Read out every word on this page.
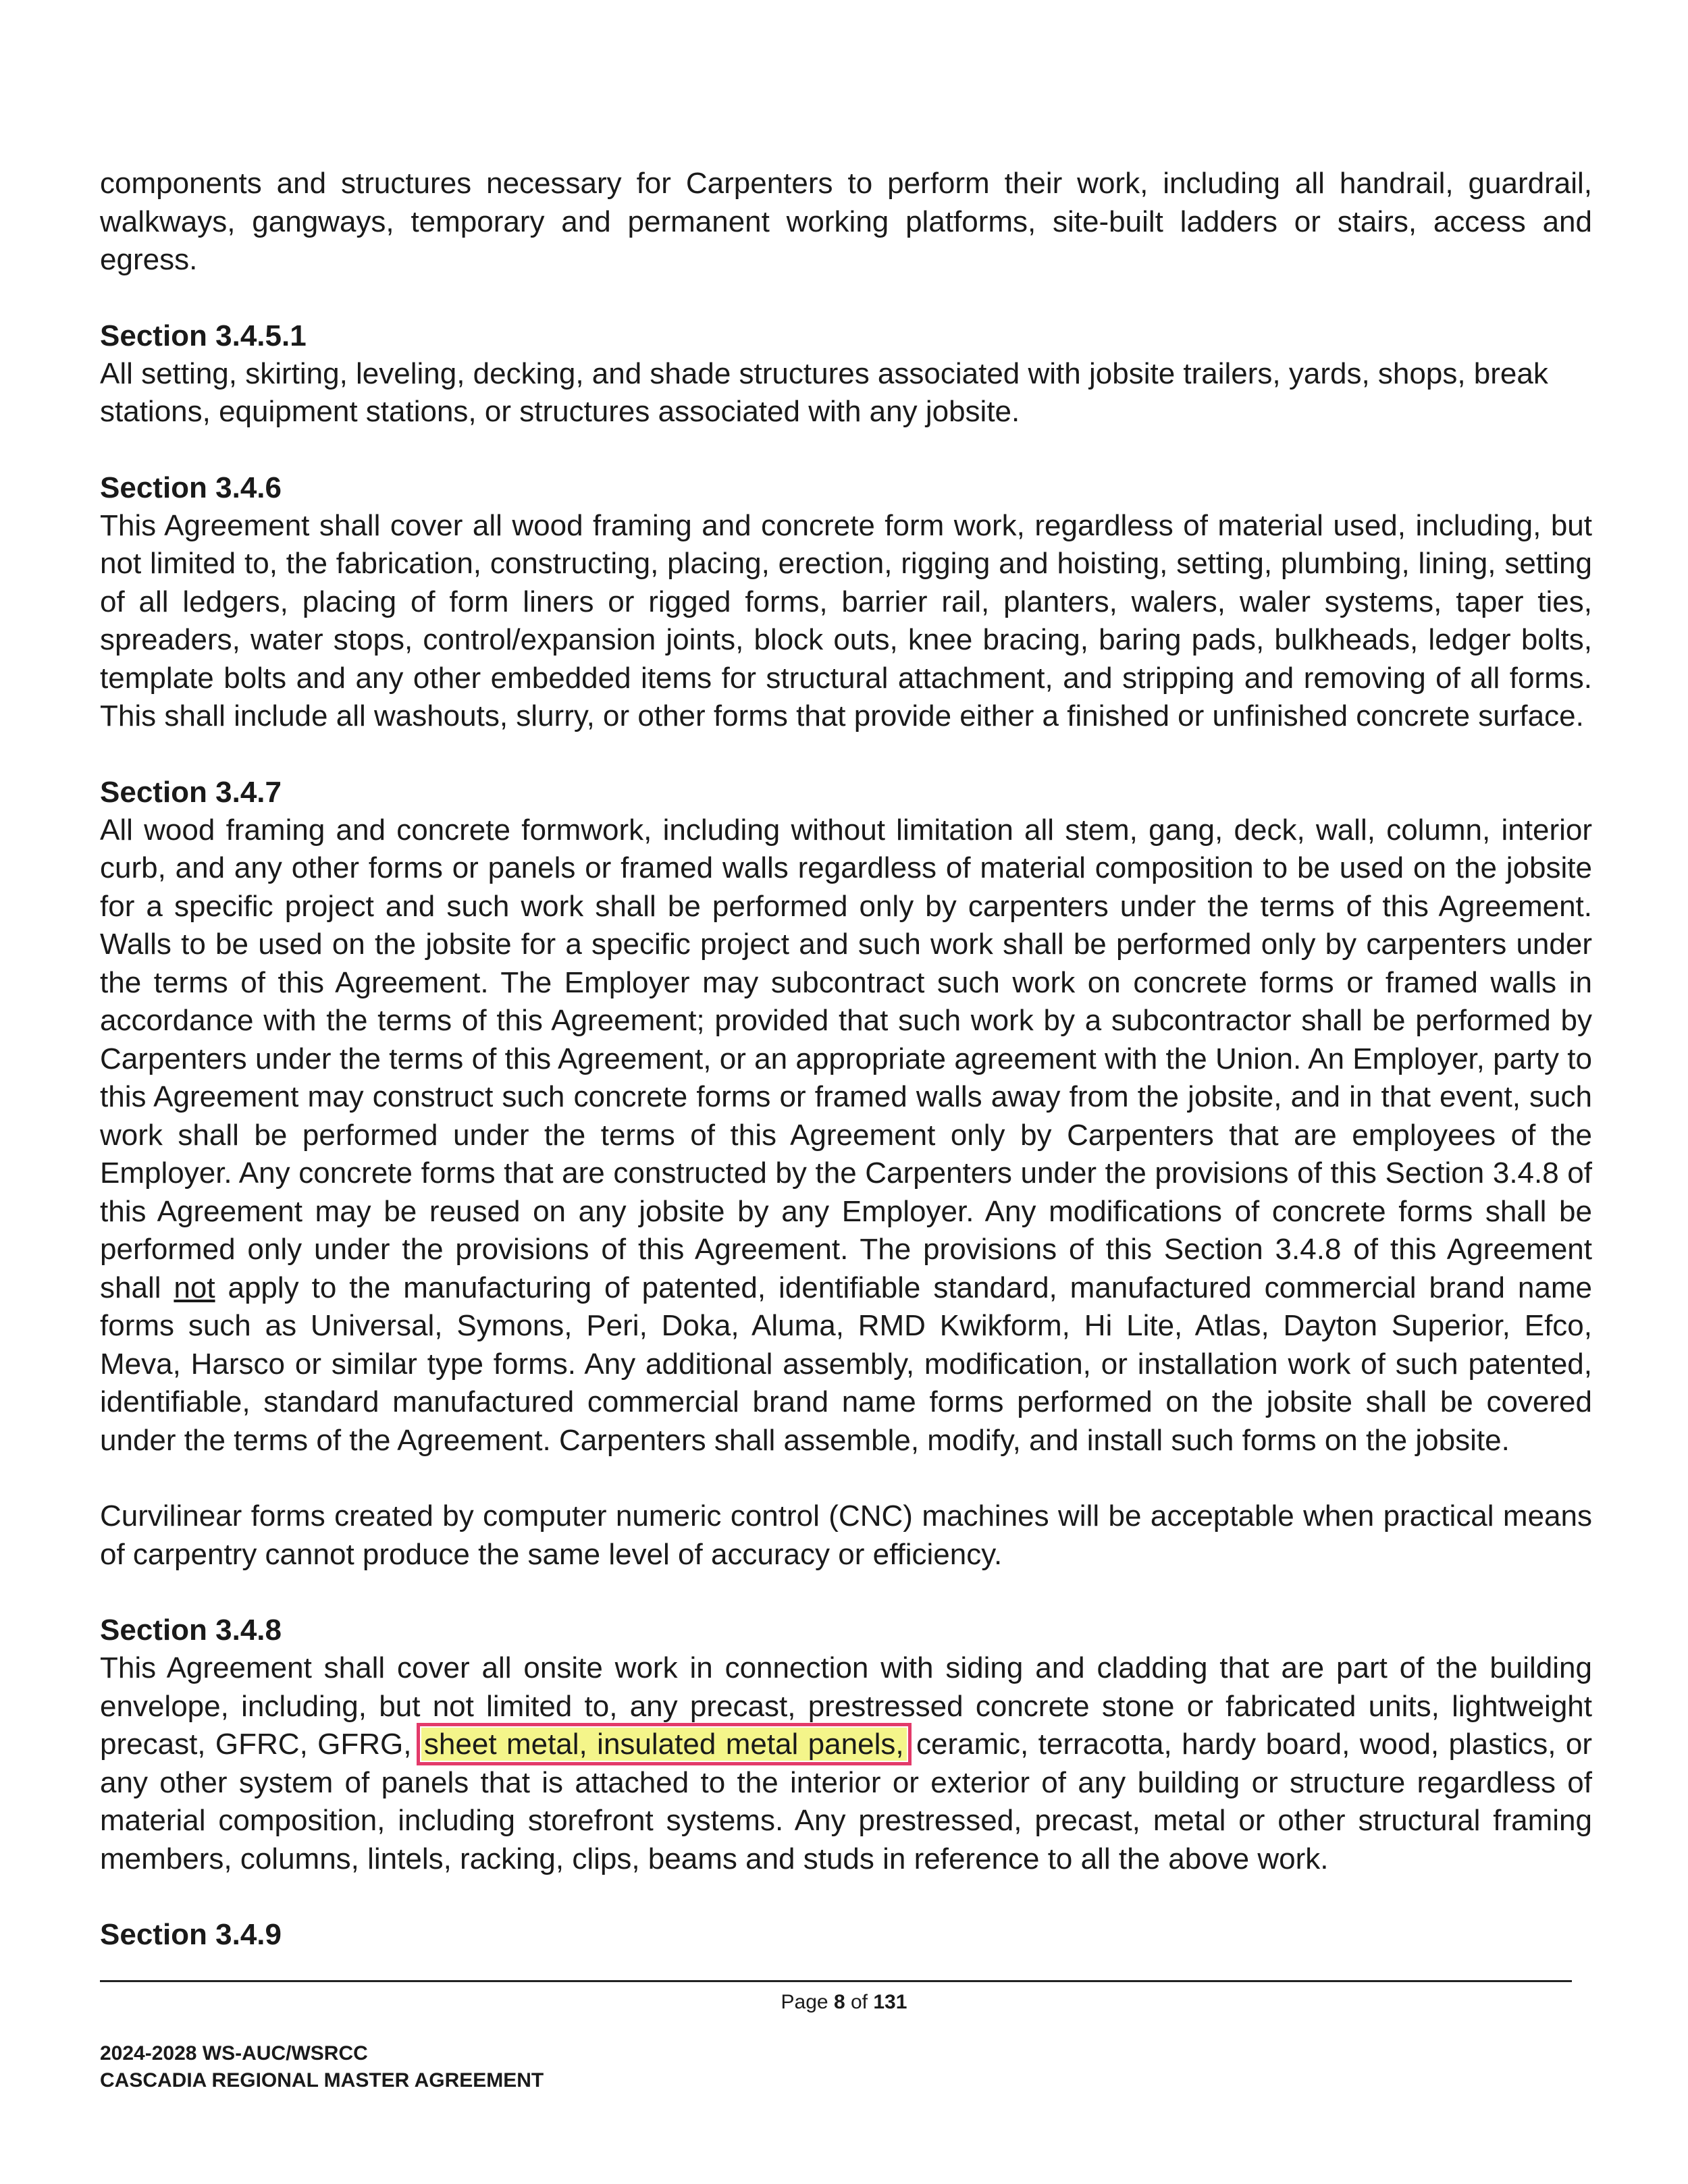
components and structures necessary for Carpenters to perform their work, including all handrail, guardrail, walkways, gangways, temporary and permanent working platforms, site-built ladders or stairs, access and egress.

Section 3.4.5.1

All setting, skirting, leveling, decking, and shade structures associated with jobsite trailers, yards, shops, break stations, equipment stations, or structures associated with any jobsite.

Section 3.4.6

This Agreement shall cover all wood framing and concrete form work, regardless of material used, including, but not limited to, the fabrication, constructing, placing, erection, rigging and hoisting, setting, plumbing, lining, setting of all ledgers, placing of form liners or rigged forms, barrier rail, planters, walers, waler systems, taper ties, spreaders, water stops, control/expansion joints, block outs, knee bracing, baring pads, bulkheads, ledger bolts, template bolts and any other embedded items for structural attachment, and stripping and removing of all forms. This shall include all washouts, slurry, or other forms that provide either a finished or unfinished concrete surface.

Section 3.4.7

All wood framing and concrete formwork, including without limitation all stem, gang, deck, wall, column, interior curb, and any other forms or panels or framed walls regardless of material composition to be used on the jobsite for a specific project and such work shall be performed only by carpenters under the terms of this Agreement. Walls to be used on the jobsite for a specific project and such work shall be performed only by carpenters under the terms of this Agreement. The Employer may subcontract such work on concrete forms or framed walls in accordance with the terms of this Agreement; provided that such work by a subcontractor shall be performed by Carpenters under the terms of this Agreement, or an appropriate agreement with the Union. An Employer, party to this Agreement may construct such concrete forms or framed walls away from the jobsite, and in that event, such work shall be performed under the terms of this Agreement only by Carpenters that are employees of the Employer. Any concrete forms that are constructed by the Carpenters under the provisions of this Section 3.4.8 of this Agreement may be reused on any jobsite by any Employer. Any modifications of concrete forms shall be performed only under the provisions of this Agreement. The provisions of this Section 3.4.8 of this Agreement shall not apply to the manufacturing of patented, identifiable standard, manufactured commercial brand name forms such as Universal, Symons, Peri, Doka, Aluma, RMD Kwikform, Hi Lite, Atlas, Dayton Superior, Efco, Meva, Harsco or similar type forms. Any additional assembly, modification, or installation work of such patented, identifiable, standard manufactured commercial brand name forms performed on the jobsite shall be covered under the terms of the Agreement. Carpenters shall assemble, modify, and install such forms on the jobsite.

Curvilinear forms created by computer numeric control (CNC) machines will be acceptable when practical means of carpentry cannot produce the same level of accuracy or efficiency.

Section 3.4.8

This Agreement shall cover all onsite work in connection with siding and cladding that are part of the building envelope, including, but not limited to, any precast, prestressed concrete stone or fabricated units, lightweight precast, GFRC, GFRG, sheet metal, insulated metal panels, ceramic, terracotta, hardy board, wood, plastics, or any other system of panels that is attached to the interior or exterior of any building or structure regardless of material composition, including storefront systems. Any prestressed, precast, metal or other structural framing members, columns, lintels, racking, clips, beams and studs in reference to all the above work.

Section 3.4.9

Page 8 of 131
2024-2028 WS-AUC/WSRCC
CASCADIA REGIONAL MASTER AGREEMENT
